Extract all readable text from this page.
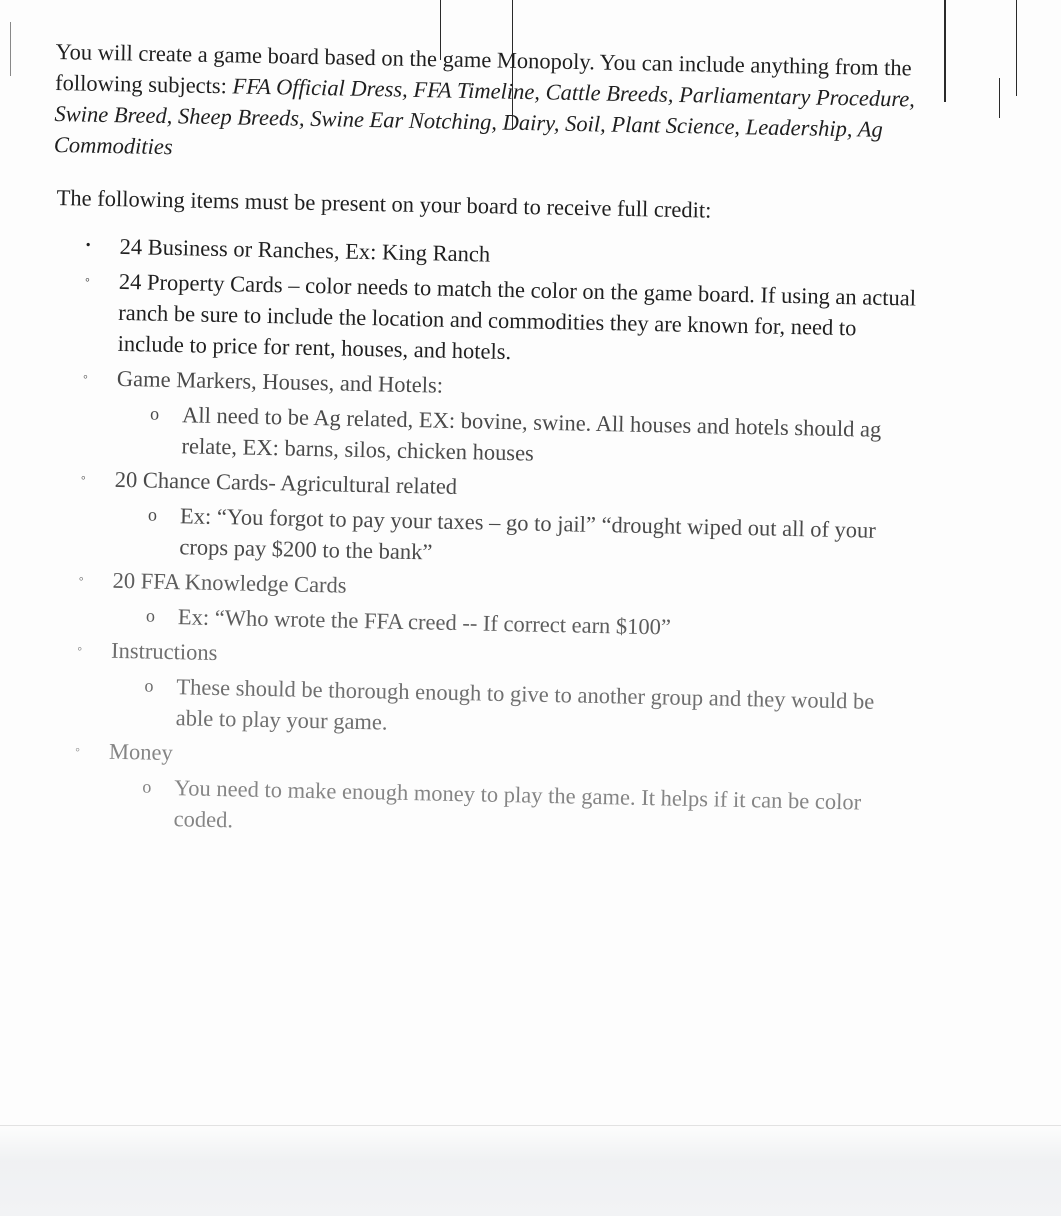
You will create a game board based on the game Monopoly. You can include anything from the following subjects: FFA Official Dress, FFA Timeline, Cattle Breeds, Parliamentary Procedure, Swine Breed, Sheep Breeds, Swine Ear Notching, Dairy, Soil, Plant Science, Leadership, Ag Commodities
The following items must be present on your board to receive full credit:
• 24 Business or Ranches, Ex: King Ranch
◦ 24 Property Cards – color needs to match the color on the game board. If using an actual ranch be sure to include the location and commodities they are known for, need to include to price for rent, houses, and hotels.
◦ Game Markers, Houses, and Hotels:
o All need to be Ag related, EX: bovine, swine. All houses and hotels should ag relate, EX: barns, silos, chicken houses
◦ 20 Chance Cards- Agricultural related
o Ex: “You forgot to pay your taxes – go to jail” “drought wiped out all of your crops pay $200 to the bank”
◦ 20 FFA Knowledge Cards
o Ex: “Who wrote the FFA creed -- If correct earn $100”
◦ Instructions
o These should be thorough enough to give to another group and they would be able to play your game.
◦ Money
o You need to make enough money to play the game. It helps if it can be color coded.
